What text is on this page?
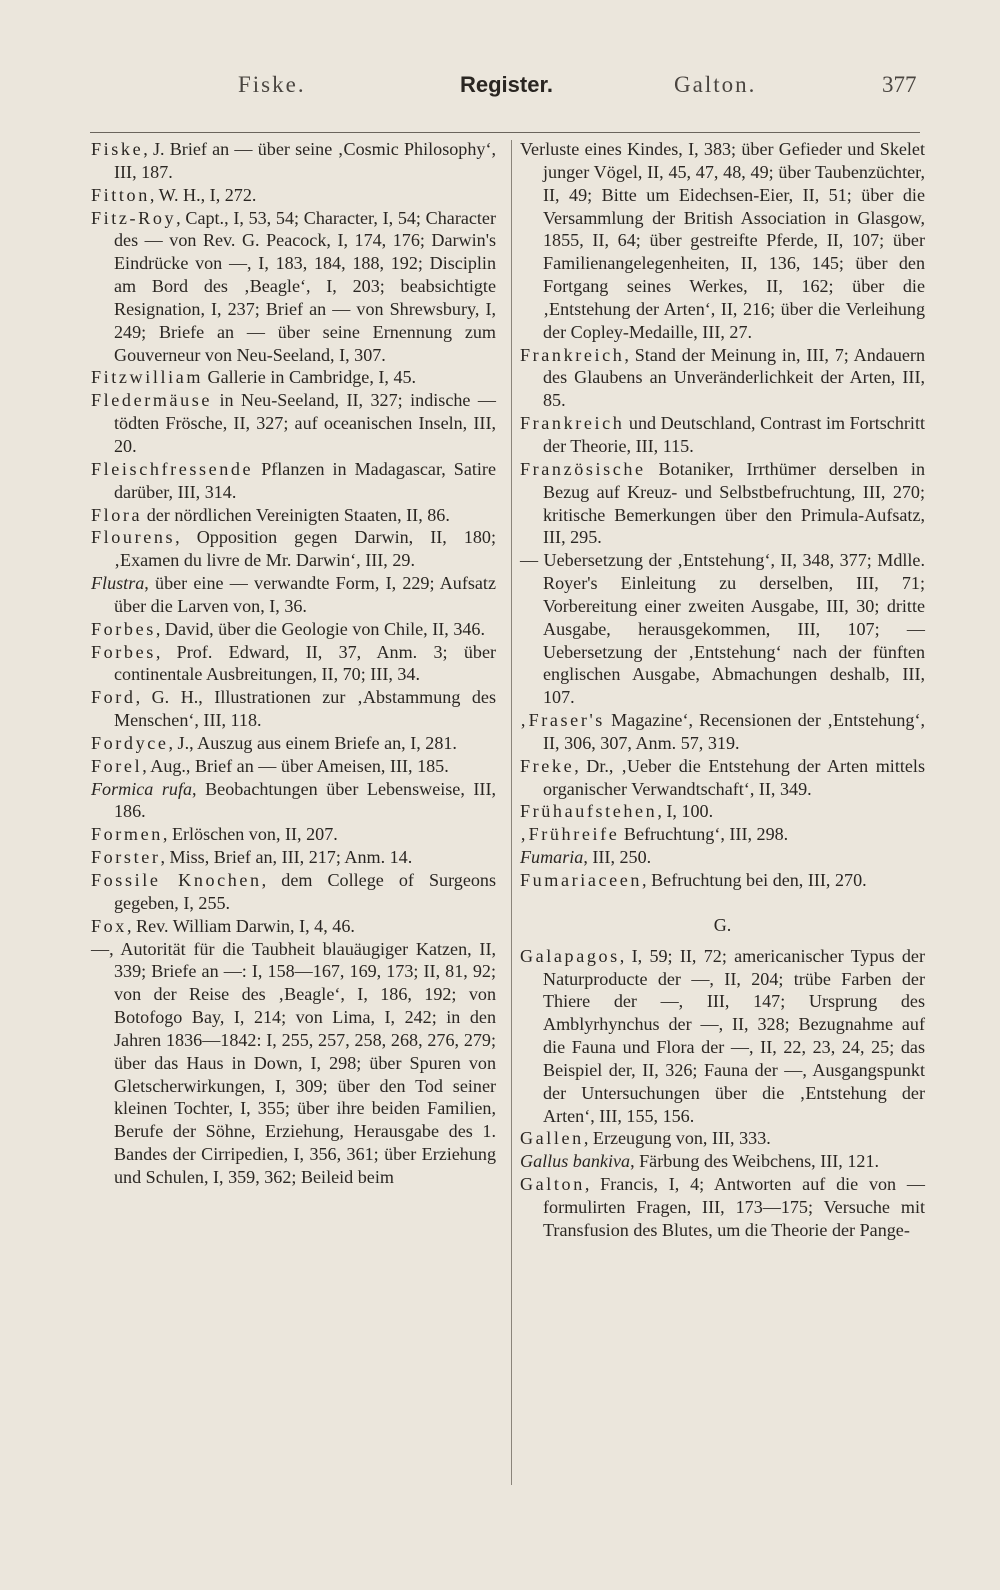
Fiske.	Register.	Galton.	377
Fiske, J. Brief an — über seine ‚Cosmic Philosophy‘, III, 187.
Fitton, W. H., I, 272.
Fitz-Roy, Capt., I, 53, 54; Character, I, 54; Character des — von Rev. G. Peacock, I, 174, 176; Darwin's Eindrücke von —, I, 183, 184, 188, 192; Disciplin am Bord des ‚Beagle‘, I, 203; beabsichtigte Resignation, I, 237; Brief an — von Shrewsbury, I, 249; Briefe an — über seine Ernennung zum Gouverneur von Neu-Seeland, I, 307.
Fitzwilliam Gallerie in Cambridge, I, 45.
Fledermäuse in Neu-Seeland, II, 327; indische — tödten Frösche, II, 327; auf oceanischen Inseln, III, 20.
Fleischfressende Pflanzen in Madagascar, Satire darüber, III, 314.
Flora der nördlichen Vereinigten Staaten, II, 86.
Flourens, Opposition gegen Darwin, II, 180; ‚Examen du livre de Mr. Darwin‘, III, 29.
Flustra, über eine — verwandte Form, I, 229; Aufsatz über die Larven von, I, 36.
Forbes, David, über die Geologie von Chile, II, 346.
Forbes, Prof. Edward, II, 37, Anm. 3; über continentale Ausbreitungen, II, 70; III, 34.
Ford, G. H., Illustrationen zur ‚Abstammung des Menschen‘, III, 118.
Fordyce, J., Auszug aus einem Briefe an, I, 281.
Forel, Aug., Brief an — über Ameisen, III, 185.
Formica rufa, Beobachtungen über Lebensweise, III, 186.
Formen, Erlöschen von, II, 207.
Forster, Miss, Brief an, III, 217; Anm. 14.
Fossile Knochen, dem College of Surgeons gegeben, I, 255.
Fox, Rev. William Darwin, I, 4, 46.
—, Autorität für die Taubheit blauäugiger Katzen, II, 339; Briefe an —: I, 158—167, 169, 173; II, 81, 92; von der Reise des ‚Beagle‘, I, 186, 192; von Botofogo Bay, I, 214; von Lima, I, 242; in den Jahren 1836—1842: I, 255, 257, 258, 268, 276, 279; über das Haus in Down, I, 298; über Spuren von Gletscherwirkungen, I, 309; über den Tod seiner kleinen Tochter, I, 355; über ihre beiden Familien, Berufe der Söhne, Erziehung, Herausgabe des 1. Bandes der Cirripedien, I, 356, 361; über Erziehung und Schulen, I, 359, 362; Beileid beim
Verluste eines Kindes, I, 383; über Gefieder und Skelet junger Vögel, II, 45, 47, 48, 49; über Taubenzüchter, II, 49; Bitte um Eidechsen-Eier, II, 51; über die Versammlung der British Association in Glasgow, 1855, II, 64; über gestreifte Pferde, II, 107; über Familienangelegenheiten, II, 136, 145; über den Fortgang seines Werkes, II, 162; über die ‚Entstehung der Arten‘, II, 216; über die Verleihung der Copley-Medaille, III, 27.
Frankreich, Stand der Meinung in, III, 7; Andauern des Glaubens an Unveränderlichkeit der Arten, III, 85.
Frankreich und Deutschland, Contrast im Fortschritt der Theorie, III, 115.
Französische Botaniker, Irrthümer derselben in Bezug auf Kreuz- und Selbstbefruchtung, III, 270; kritische Bemerkungen über den Primula-Aufsatz, III, 295.
— Uebersetzung der ‚Entstehung‘, II, 348, 377; Mdlle. Royer's Einleitung zu derselben, III, 71; Vorbereitung einer zweiten Ausgabe, III, 30; dritte Ausgabe, herausgekommen, III, 107; — Uebersetzung der ‚Entstehung‘ nach der fünften englischen Ausgabe, Abmachungen deshalb, III, 107.
‚Fraser's Magazine‘, Recensionen der ‚Entstehung‘, II, 306, 307, Anm. 57, 319.
Freke, Dr., ‚Ueber die Entstehung der Arten mittels organischer Verwandtschaft‘, II, 349.
Frühaufstehen, I, 100.
‚Frühreife Befruchtung‘, III, 298.
Fumaria, III, 250.
Fumariaceen, Befruchtung bei den, III, 270.
G.
Galapagos, I, 59; II, 72; americanischer Typus der Naturproducte der —, II, 204; trübe Farben der Thiere der —, III, 147; Ursprung des Amblyrhynchus der —, II, 328; Bezugnahme auf die Fauna und Flora der —, II, 22, 23, 24, 25; das Beispiel der, II, 326; Fauna der —, Ausgangspunkt der Untersuchungen über die ‚Entstehung der Arten‘, III, 155, 156.
Gallen, Erzeugung von, III, 333.
Gallus bankiva, Färbung des Weibchens, III, 121.
Galton, Francis, I, 4; Antworten auf die von — formulirten Fragen, III, 173—175; Versuche mit Transfusion des Blutes, um die Theorie der Pange-
